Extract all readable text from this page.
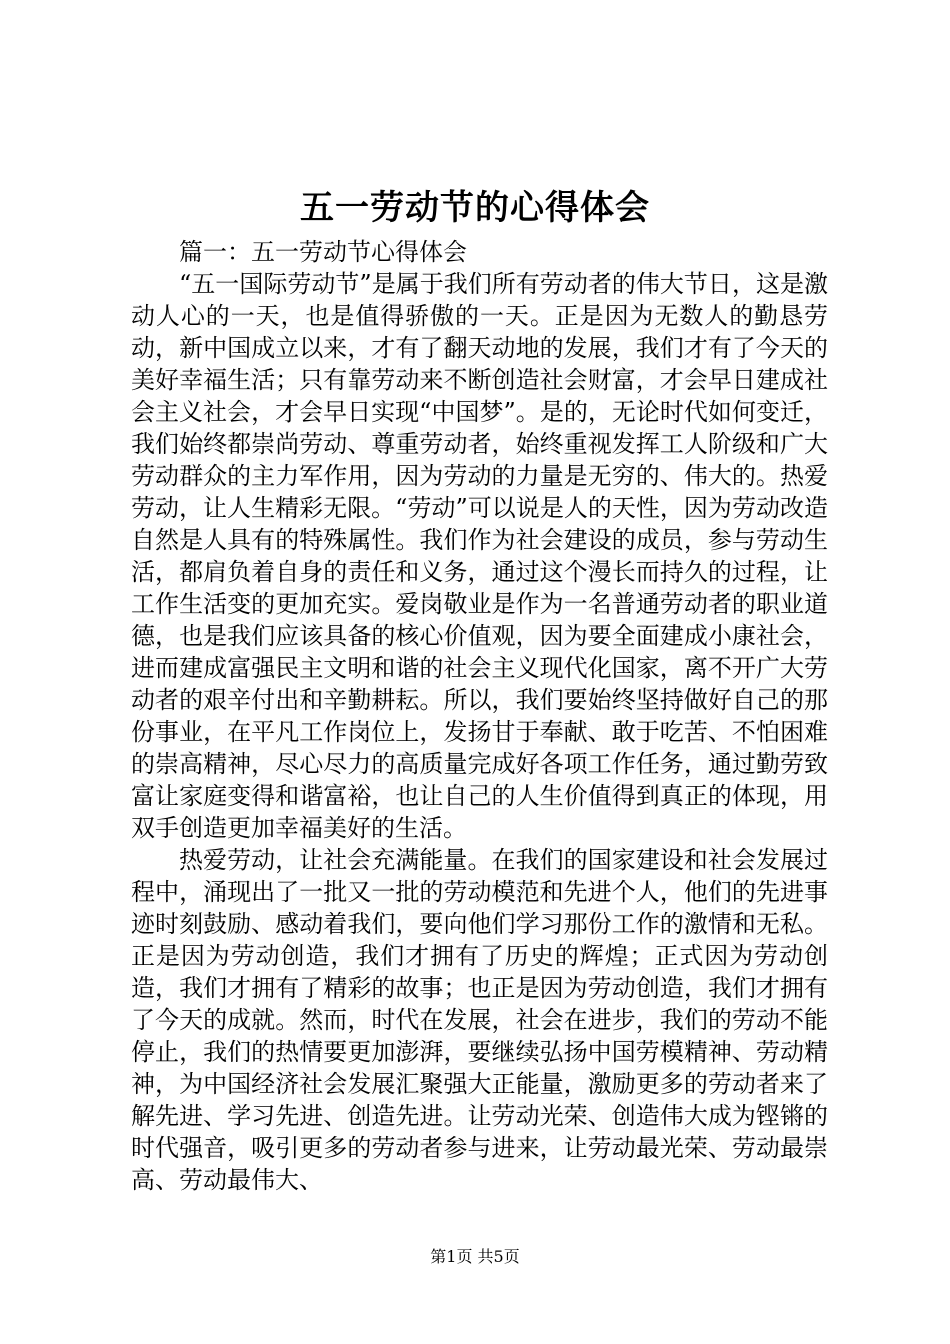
五一劳动节的心得体会

篇一：五一劳动节心得体会

“五一国际劳动节”是属于我们所有劳动者的伟大节日，这是激动人心的一天，也是值得骄傲的一天。正是因为无数人的勤恳劳动，新中国成立以来，才有了翻天动地的发展，我们才有了今天的美好幸福生活；只有靠劳动来不断创造社会财富，才会早日建成社会主义社会，才会早日实现“中国梦”。是的，无论时代如何变迁，我们始终都崇尚劳动、尊重劳动者，始终重视发挥工人阶级和广大劳动群众的主力军作用，因为劳动的力量是无穷的、伟大的。热爱劳动，让人生精彩无限。“劳动”可以说是人的天性，因为劳动改造自然是人具有的特殊属性。我们作为社会建设的成员，参与劳动生活，都肩负着自身的责任和义务，通过这个漫长而持久的过程，让工作生活变的更加充实。爱岗敬业是作为一名普通劳动者的职业道德，也是我们应该具备的核心价值观，因为要全面建成小康社会，进而建成富强民主文明和谐的社会主义现代化国家，离不开广大劳动者的艰辛付出和辛勤耕耘。所以，我们要始终坚持做好自己的那份事业，在平凡工作岗位上，发扬甘于奉献、敢于吃苦、不怕困难的崇高精神，尽心尽力的高质量完成好各项工作任务，通过勤劳致富让家庭变得和谐富裕，也让自己的人生价值得到真正的体现，用双手创造更加幸福美好的生活。

热爱劳动，让社会充满能量。在我们的国家建设和社会发展过程中，涌现出了一批又一批的劳动模范和先进个人，他们的先进事迹时刻鼓励、感动着我们，要向他们学习那份工作的激情和无私。正是因为劳动创造，我们才拥有了历史的辉煌；正式因为劳动创造，我们才拥有了精彩的故事；也正是因为劳动创造，我们才拥有了今天的成就。然而，时代在发展，社会在进步，我们的劳动不能停止，我们的热情要更加澎湃，要继续弘扬中国劳模精神、劳动精神，为中国经济社会发展汇聚强大正能量，激励更多的劳动者来了解先进、学习先进、创造先进。让劳动光荣、创造伟大成为铿锵的时代强音，吸引更多的劳动者参与进来，让劳动最光荣、劳动最崇高、劳动最伟大、

第1页 共5页
